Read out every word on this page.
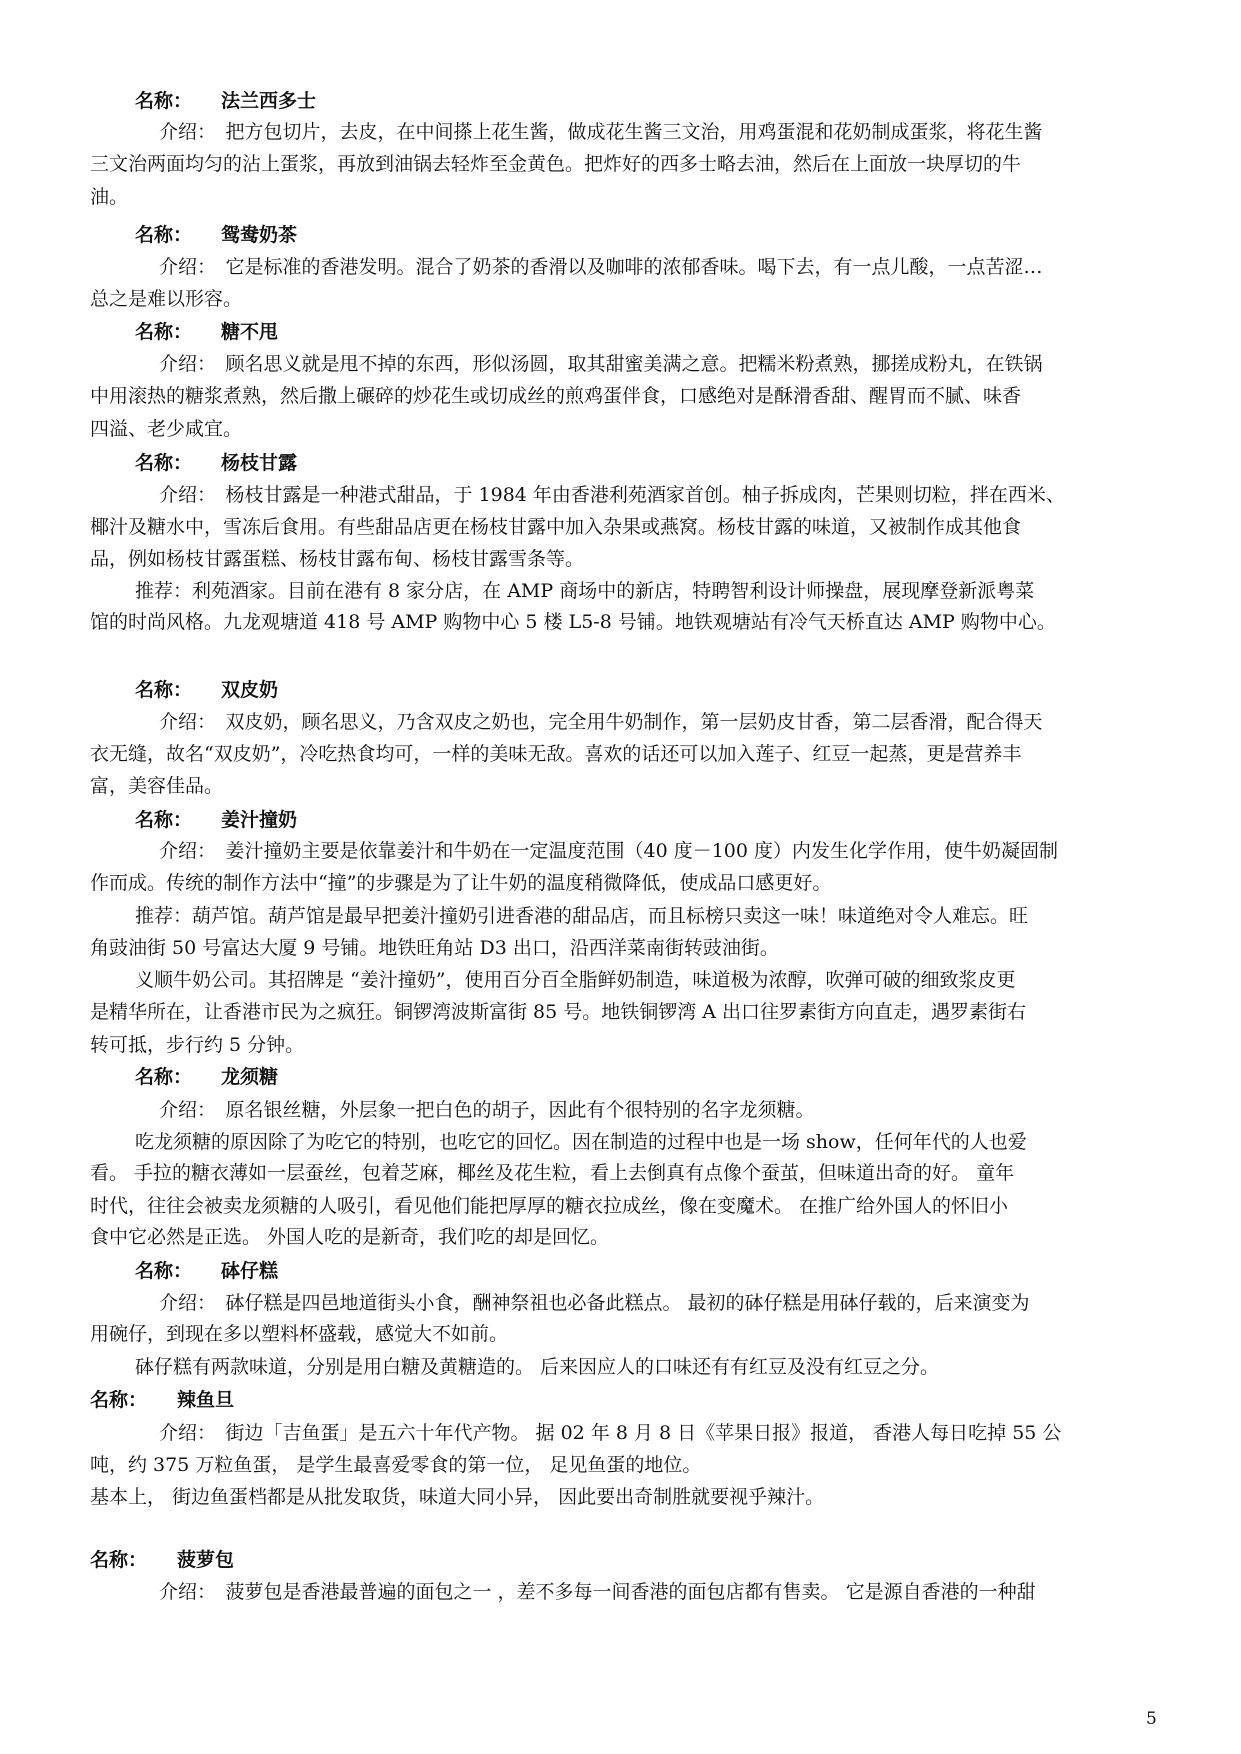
名称： 法兰西多士
介绍：　把方包切片，去皮，在中间搽上花生酱，做成花生酱三文治，用鸡蛋混和花奶制成蛋浆，将花生酱
三文治两面均匀的沾上蛋浆，再放到油锅去轻炸至金黄色。把炸好的西多士略去油，然后在上面放一块厚切的牛
油。
名称： 鸳鸯奶茶
介绍：　它是标准的香港发明。混合了奶茶的香滑以及咖啡的浓郁香味。喝下去，有一点儿酸，一点苦涩…
总之是难以形容。
名称： 糖不甩
介绍：　顾名思义就是甩不掉的东西，形似汤圆，取其甜蜜美满之意。把糯米粉煮熟，挪搓成粉丸，在铁锅
中用滚热的糖浆煮熟，然后撒上碾碎的炒花生或切成丝的煎鸡蛋伴食，口感绝对是酥滑香甜、醒胃而不腻、味香
四溢、老少咸宜。
名称： 杨枝甘露
介绍：　杨枝甘露是一种港式甜品，于 1984 年由香港利苑酒家首创。柚子拆成肉，芒果则切粒，拌在西米、
椰汁及糖水中，雪冻后食用。有些甜品店更在杨枝甘露中加入杂果或燕窝。杨枝甘露的味道，又被制作成其他食
品，例如杨枝甘露蛋糕、杨枝甘露布甸、杨枝甘露雪条等。
推荐：利苑酒家。目前在港有 8 家分店，在 AMP 商场中的新店，特聘智利设计师操盘，展现摩登新派粤菜
馆的时尚风格。九龙观塘道 418 号 AMP 购物中心 5 楼 L5-8 号铺。地铁观塘站有冷气天桥直达 AMP 购物中心。
名称： 双皮奶
介绍：　双皮奶，顾名思义，乃含双皮之奶也，完全用牛奶制作，第一层奶皮甘香，第二层香滑，配合得天
衣无缝，故名“双皮奶”，冷吃热食均可，一样的美味无敌。喜欢的话还可以加入莲子、红豆一起蒸，更是营养丰
富，美容佳品。
名称： 姜汁撞奶
介绍：　姜汁撞奶主要是依靠姜汁和牛奶在一定温度范围（40 度－100 度）内发生化学作用，使牛奶凝固制
作而成。传统的制作方法中“撞”的步骤是为了让牛奶的温度稍微降低，使成品口感更好。
推荐：葫芦馆。葫芦馆是最早把姜汁撞奶引进香港的甜品店，而且标榜只卖这一味！味道绝对令人难忘。旺
角豉油街 50 号富达大厦 9 号铺。地铁旺角站 D3 出口，沿西洋菜南街转豉油街。
义顺牛奶公司。其招牌是 “姜汁撞奶”，使用百分百全脂鲜奶制造，味道极为浓醇，吹弹可破的细致浆皮更
是精华所在，让香港市民为之疯狂。铜锣湾波斯富街 85 号。地铁铜锣湾 A 出口往罗素街方向直走，遇罗素街右
转可抵，步行约 5 分钟。
名称： 龙须糖
介绍：　原名银丝糖，外层象一把白色的胡子，因此有个很特别的名字龙须糖。
吃龙须糖的原因除了为吃它的特别，也吃它的回忆。因在制造的过程中也是一场 show，任何年代的人也爱
看。 手拉的糖衣薄如一层蚕丝，包着芝麻，椰丝及花生粒，看上去倒真有点像个蚕茧，但味道出奇的好。 童年
时代，往往会被卖龙须糖的人吸引，看见他们能把厚厚的糖衣拉成丝，像在变魔术。 在推广给外国人的怀旧小
食中它必然是正选。 外国人吃的是新奇，我们吃的却是回忆。
名称： 砵仔糕
介绍：　砵仔糕是四邑地道街头小食，酬神祭祖也必备此糕点。 最初的砵仔糕是用砵仔载的，后来演变为
用碗仔，到现在多以塑料杯盛载，感觉大不如前。
砵仔糕有两款味道，分别是用白糖及黄糖造的。 后来因应人的口味还有有红豆及没有红豆之分。
名称： 辣鱼旦
介绍：　街边「吉鱼蛋」是五六十年代产物。 据 02 年 8 月 8 日《苹果日报》报道， 香港人每日吃掉 55 公
吨，约 375 万粒鱼蛋， 是学生最喜爱零食的第一位， 足见鱼蛋的地位。
基本上， 街边鱼蛋档都是从批发取货，味道大同小异， 因此要出奇制胜就要视乎辣汁。
名称： 菠萝包
介绍：　菠萝包是香港最普遍的面包之一 ，差不多每一间香港的面包店都有售卖。 它是源自香港的一种甜
5
